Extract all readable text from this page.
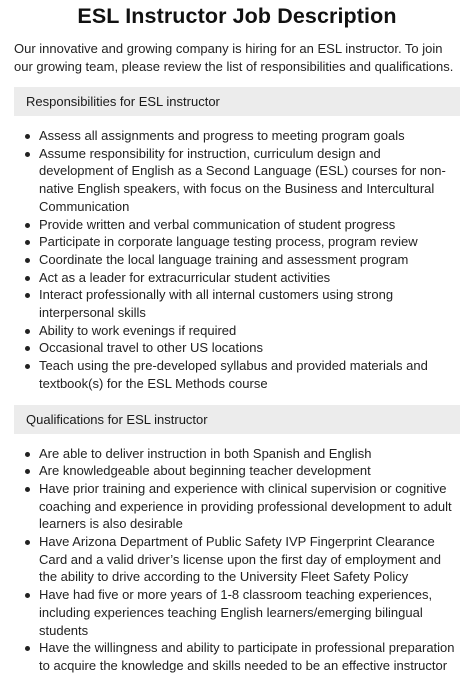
ESL Instructor Job Description

Our innovative and growing company is hiring for an ESL instructor. To join our growing team, please review the list of responsibilities and qualifications.

Responsibilities for ESL instructor
Assess all assignments and progress to meeting program goals
Assume responsibility for instruction, curriculum design and development of English as a Second Language (ESL) courses for non-native English speakers, with focus on the Business and Intercultural Communication
Provide written and verbal communication of student progress
Participate in corporate language testing process, program review
Coordinate the local language training and assessment program
Act as a leader for extracurricular student activities
Interact professionally with all internal customers using strong interpersonal skills
Ability to work evenings if required
Occasional travel to other US locations
Teach using the pre-developed syllabus and provided materials and textbook(s) for the ESL Methods course
Qualifications for ESL instructor
Are able to deliver instruction in both Spanish and English
Are knowledgeable about beginning teacher development
Have prior training and experience with clinical supervision or cognitive coaching and experience in providing professional development to adult learners is also desirable
Have Arizona Department of Public Safety IVP Fingerprint Clearance Card and a valid driver’s license upon the first day of employment and the ability to drive according to the University Fleet Safety Policy
Have had five or more years of 1-8 classroom teaching experiences, including experiences teaching English learners/emerging bilingual students
Have the willingness and ability to participate in professional preparation to acquire the knowledge and skills needed to be an effective instructor
